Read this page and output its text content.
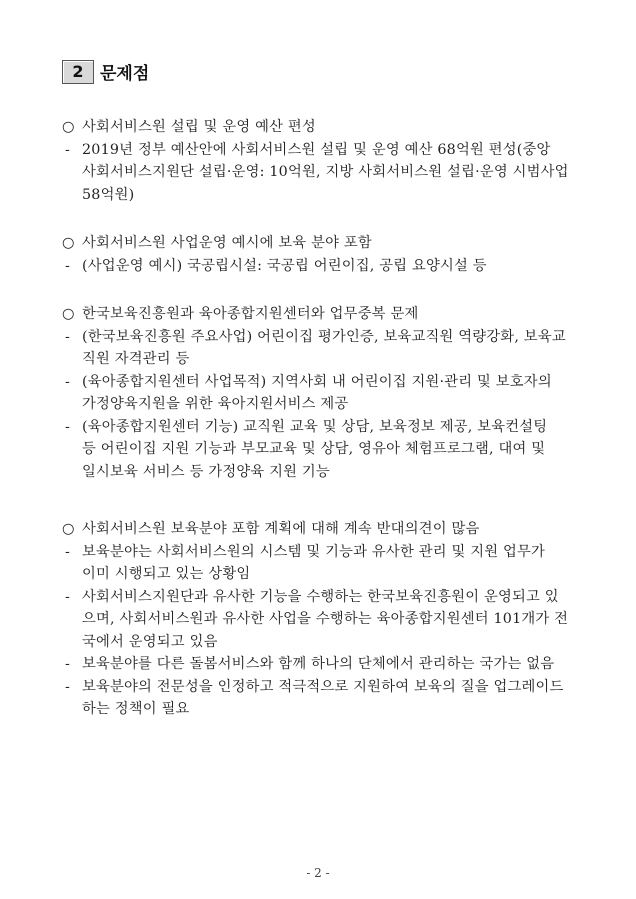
2 문제점
○ 사회서비스원 설립 및 운영 예산 편성
- 2019년 정부 예산안에 사회서비스원 설립 및 운영 예산 68억원 편성(중앙
사회서비스지원단 설립·운영: 10억원, 지방 사회서비스원 설립·운영 시범사업
58억원)
○ 사회서비스원 사업운영 예시에 보육 분야 포함
- (사업운영 예시) 국공립시설: 국공립 어린이집, 공립 요양시설 등
○ 한국보육진흥원과 육아종합지원센터와 업무중복 문제
- (한국보육진흥원 주요사업) 어린이집 평가인증, 보육교직원 역량강화, 보육교
직원 자격관리 등
- (육아종합지원센터 사업목적) 지역사회 내 어린이집 지원·관리 및 보호자의
가정양육지원을 위한 육아지원서비스 제공
- (육아종합지원센터 기능) 교직원 교육 및 상담, 보육정보 제공, 보육컨설팅
등 어린이집 지원 기능과 부모교육 및 상담, 영유아 체험프로그램, 대여 및
일시보육 서비스 등 가정양육 지원 기능
○ 사회서비스원 보육분야 포함 계획에 대해 계속 반대의견이 많음
- 보육분야는 사회서비스원의 시스템 및 기능과 유사한 관리 및 지원 업무가
이미 시행되고 있는 상황임
- 사회서비스지원단과 유사한 기능을 수행하는 한국보육진흥원이 운영되고 있
으며, 사회서비스원과 유사한 사업을 수행하는 육아종합지원센터 101개가 전
국에서 운영되고 있음
- 보육분야를 다른 돌봄서비스와 함께 하나의 단체에서 관리하는 국가는 없음
- 보육분야의 전문성을 인정하고 적극적으로 지원하여 보육의 질을 업그레이드
하는 정책이 필요
- 2 -
